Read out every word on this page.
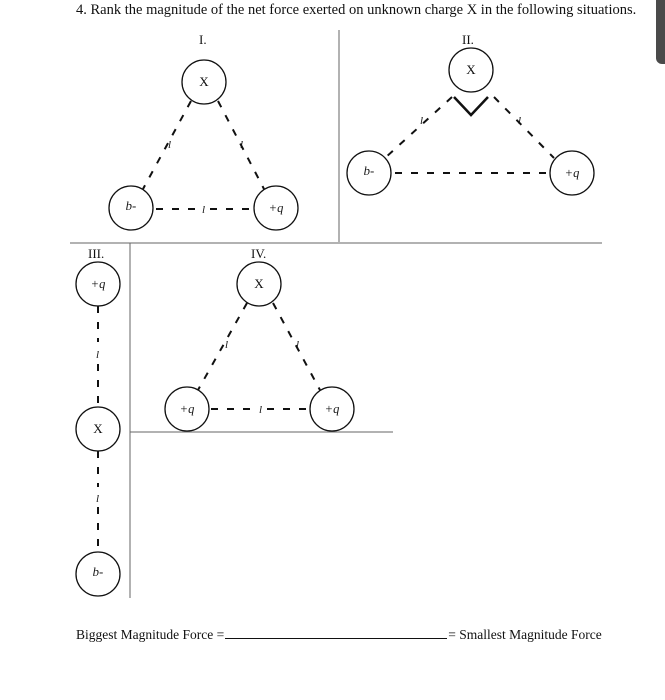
4. Rank the magnitude of the net force exerted on unknown charge X in the following situations.
I.
l	l
l
X
-q	+q
II.
l	l
X
-q	+q
III.
l
l
+q
X
-q
IV.
l	l
l
X
+q	+q
Biggest Magnitude Force =	= Smallest Magnitude Force
